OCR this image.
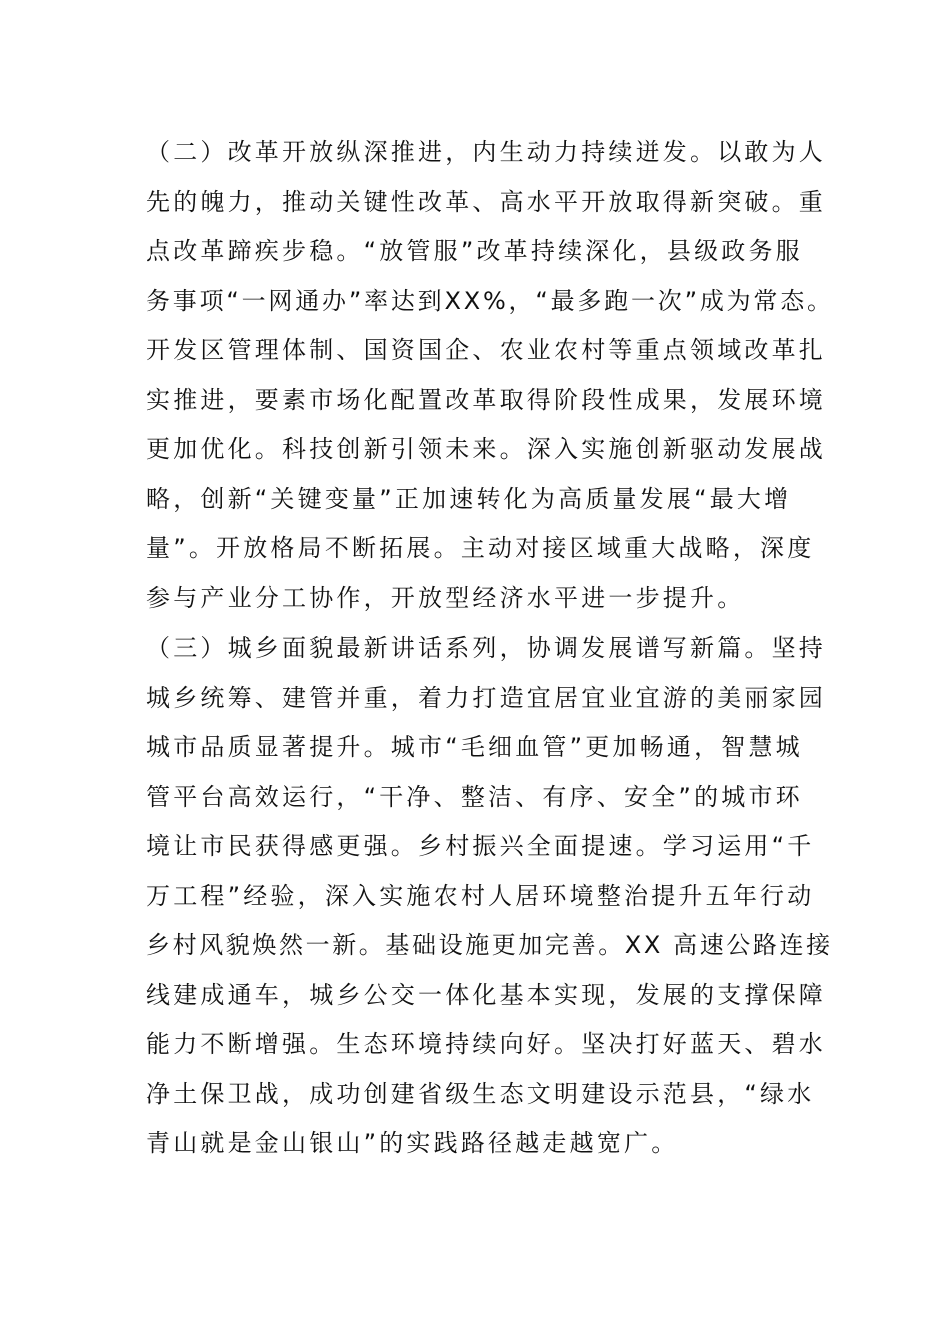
（二）改革开放纵深推进，内生动力持续迸发。以敢为人
先的魄力，推动关键性改革、高水平开放取得新突破。重
点改革蹄疾步稳。“放管服”改革持续深化，县级政务服
务事项“一网通办”率达到XX%，“最多跑一次”成为常态。
开发区管理体制、国资国企、农业农村等重点领域改革扎
实推进，要素市场化配置改革取得阶段性成果，发展环境
更加优化。科技创新引领未来。深入实施创新驱动发展战
略，创新“关键变量”正加速转化为高质量发展“最大增
量”。开放格局不断拓展。主动对接区域重大战略，深度
参与产业分工协作，开放型经济水平进一步提升。
（三）城乡面貌最新讲话系列，协调发展谱写新篇。坚持
城乡统筹、建管并重，着力打造宜居宜业宜游的美丽家园
城市品质显著提升。城市“毛细血管”更加畅通，智慧城
管平台高效运行，“干净、整洁、有序、安全”的城市环
境让市民获得感更强。乡村振兴全面提速。学习运用“千
万工程”经验，深入实施农村人居环境整治提升五年行动
乡村风貌焕然一新。基础设施更加完善。XX 高速公路连接
线建成通车，城乡公交一体化基本实现，发展的支撑保障
能力不断增强。生态环境持续向好。坚决打好蓝天、碧水
净土保卫战，成功创建省级生态文明建设示范县，“绿水
青山就是金山银山”的实践路径越走越宽广。
